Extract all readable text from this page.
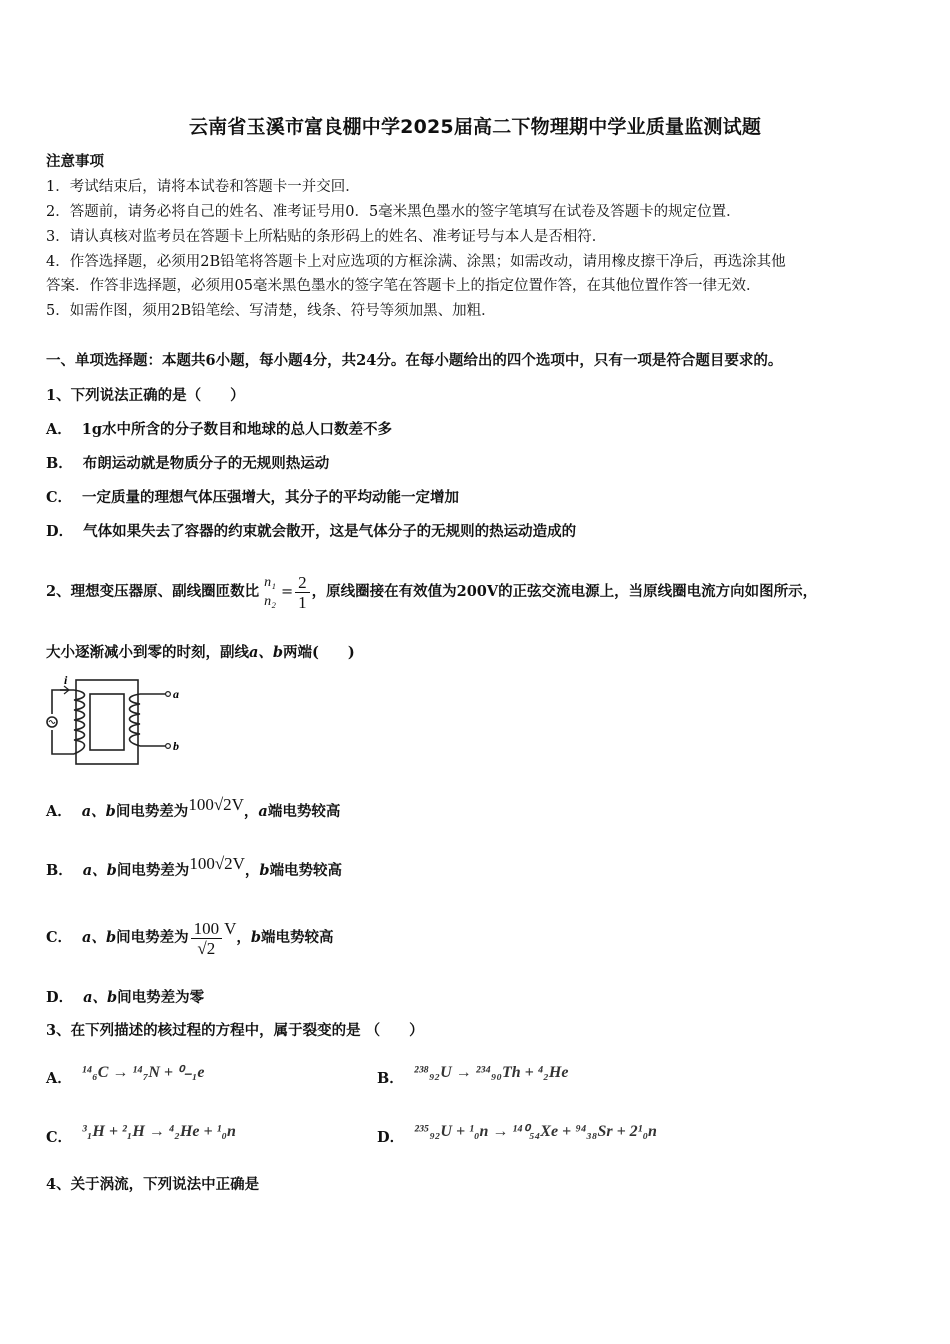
云南省玉溪市富良棚中学2025届高二下物理期中学业质量监测试题
注意事项
1．考试结束后，请将本试卷和答题卡一并交回．
2．答题前，请务必将自己的姓名、准考证号用0．5毫米黑色墨水的签字笔填写在试卷及答题卡的规定位置．
3．请认真核对监考员在答题卡上所粘贴的条形码上的姓名、准考证号与本人是否相符．
4．作答选择题，必须用2B铅笔将答题卡上对应选项的方框涂满、涂黑；如需改动，请用橡皮擦干净后，再选涂其他
答案．作答非选择题，必须用05毫米黑色墨水的签字笔在答题卡上的指定位置作答，在其他位置作答一律无效．
5．如需作图，须用2B铅笔绘、写清楚，线条、符号等须加黑、加粗．
一、单项选择题：本题共6小题，每小题4分，共24分。在每小题给出的四个选项中，只有一项是符合题目要求的。
1、下列说法正确的是（　　）
A． 1g水中所含的分子数目和地球的总人口数差不多
B． 布朗运动就是物质分子的无规则热运动
C． 一定质量的理想气体压强增大，其分子的平均动能一定增加
D． 气体如果失去了容器的约束就会散开，这是气体分子的无规则的热运动造成的
2、理想变压器原、副线圈匝数比
n₁
n₂
= $\frac{2}{1}$ ，原线圈接在有效值为200V的正弦交流电源上，当原线圈电流方向如图所示，
大小逐渐减小到零的时刻，副线a、b两端(　　)
i
a
b
A． a、b间电势差为100√2V，a端电势较高
B． a、b间电势差为100√2V，b端电势较高
C． a、b间电势差为 $\frac{100}{√2}$ V，b端电势较高
D． a、b间电势差为零
3、在下列描述的核过程的方程中，属于裂变的是 （　　）
A． ¹⁴₆C → ¹⁴₇N + ⁰₋₁e	B． ²³⁸₉₂U → ²³⁴₉₀Th + ⁴₂He
C． ³₁H + ²₁H → ⁴₂He + ¹₀n	D． ²³⁵₉₂U + ¹₀n → ¹⁴⁰₅₄Xe + ⁹⁴₃₈Sr + 2¹₀n
4、关于涡流，下列说法中正确是
